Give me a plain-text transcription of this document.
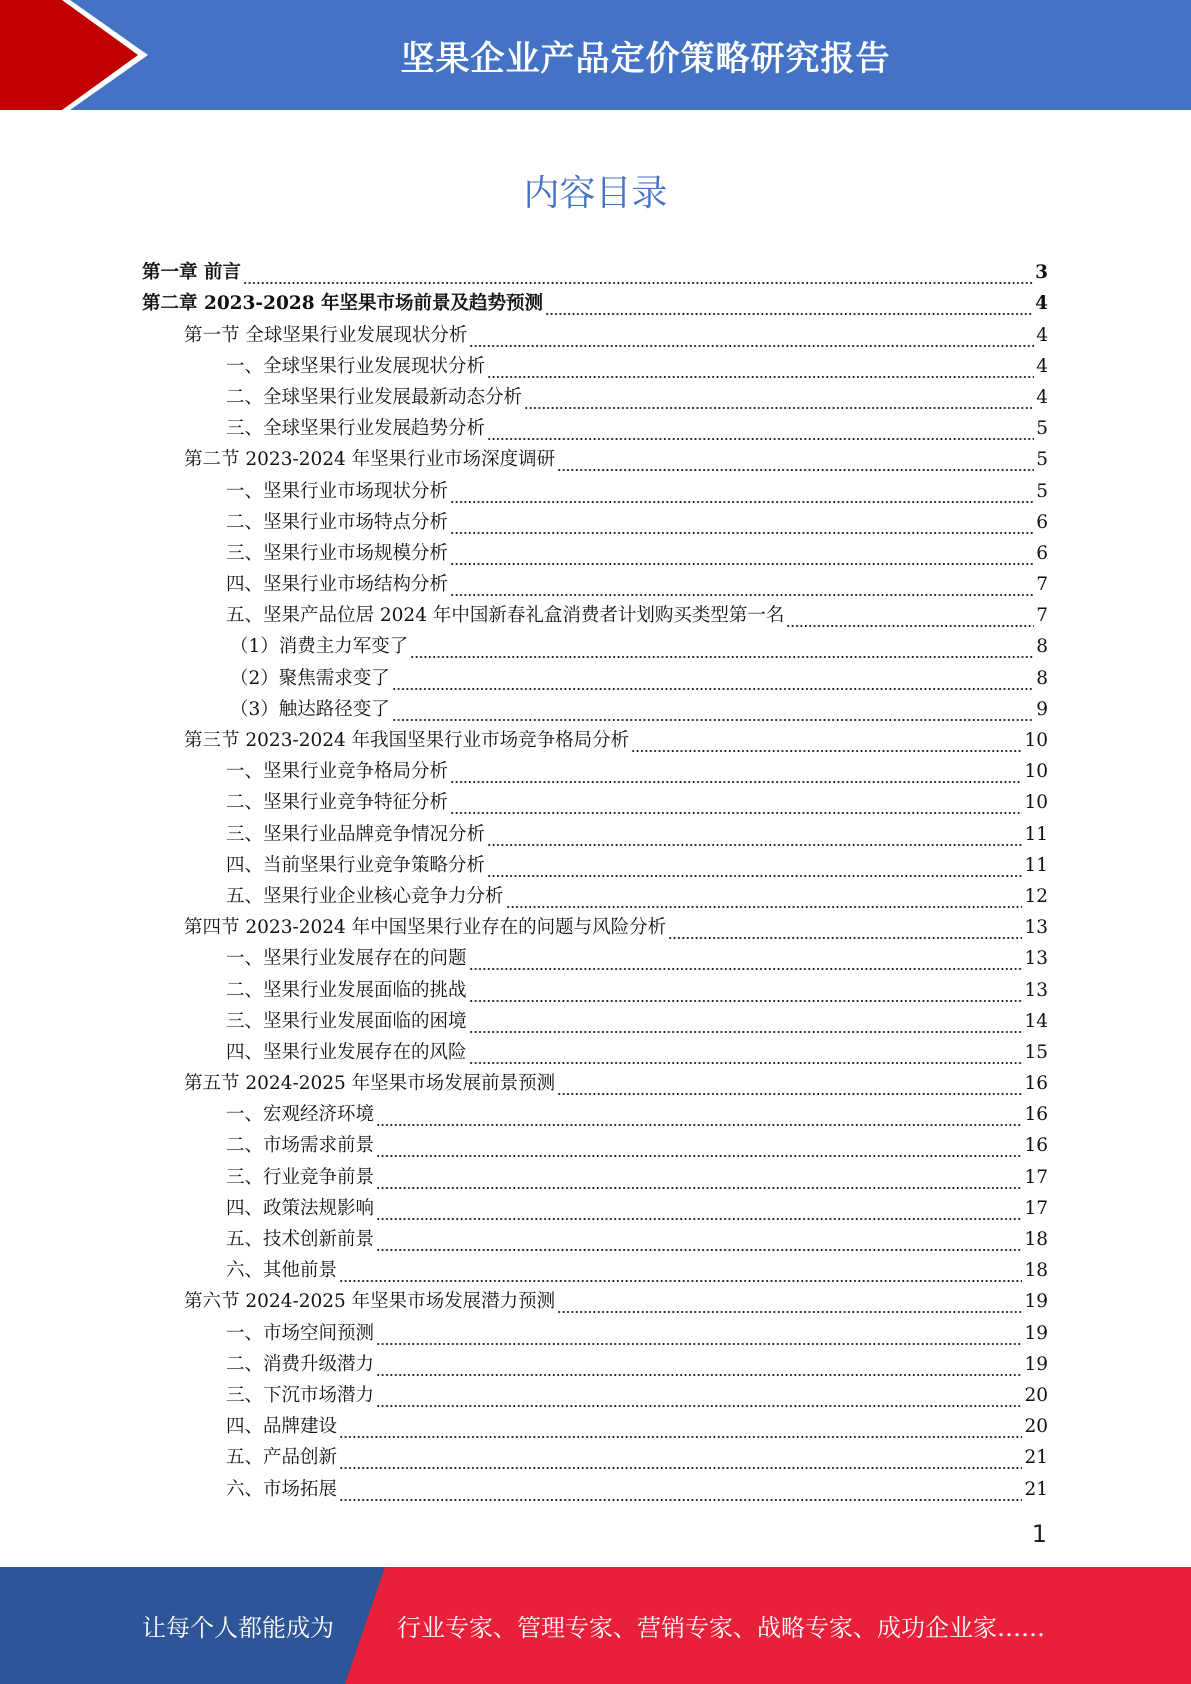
坚果企业产品定价策略研究报告
内容目录
第一章 前言	3
第二章 2023-2028 年坚果市场前景及趋势预测	4
第一节 全球坚果行业发展现状分析	4
一、全球坚果行业发展现状分析	4
二、全球坚果行业发展最新动态分析	4
三、全球坚果行业发展趋势分析	5
第二节 2023-2024 年坚果行业市场深度调研	5
一、坚果行业市场现状分析	5
二、坚果行业市场特点分析	6
三、坚果行业市场规模分析	6
四、坚果行业市场结构分析	7
五、坚果产品位居 2024 年中国新春礼盒消费者计划购买类型第一名	7
（1）消费主力军变了	8
（2）聚焦需求变了	8
（3）触达路径变了	9
第三节 2023-2024 年我国坚果行业市场竞争格局分析	10
一、坚果行业竞争格局分析	10
二、坚果行业竞争特征分析	10
三、坚果行业品牌竞争情况分析	11
四、当前坚果行业竞争策略分析	11
五、坚果行业企业核心竞争力分析	12
第四节 2023-2024 年中国坚果行业存在的问题与风险分析	13
一、坚果行业发展存在的问题	13
二、坚果行业发展面临的挑战	13
三、坚果行业发展面临的困境	14
四、坚果行业发展存在的风险	15
第五节 2024-2025 年坚果市场发展前景预测	16
一、宏观经济环境	16
二、市场需求前景	16
三、行业竞争前景	17
四、政策法规影响	17
五、技术创新前景	18
六、其他前景	18
第六节 2024-2025 年坚果市场发展潜力预测	19
一、市场空间预测	19
二、消费升级潜力	19
三、下沉市场潜力	20
四、品牌建设	20
五、产品创新	21
六、市场拓展	21
1
让每个人都能成为	行业专家、管理专家、营销专家、战略专家、成功企业家……
